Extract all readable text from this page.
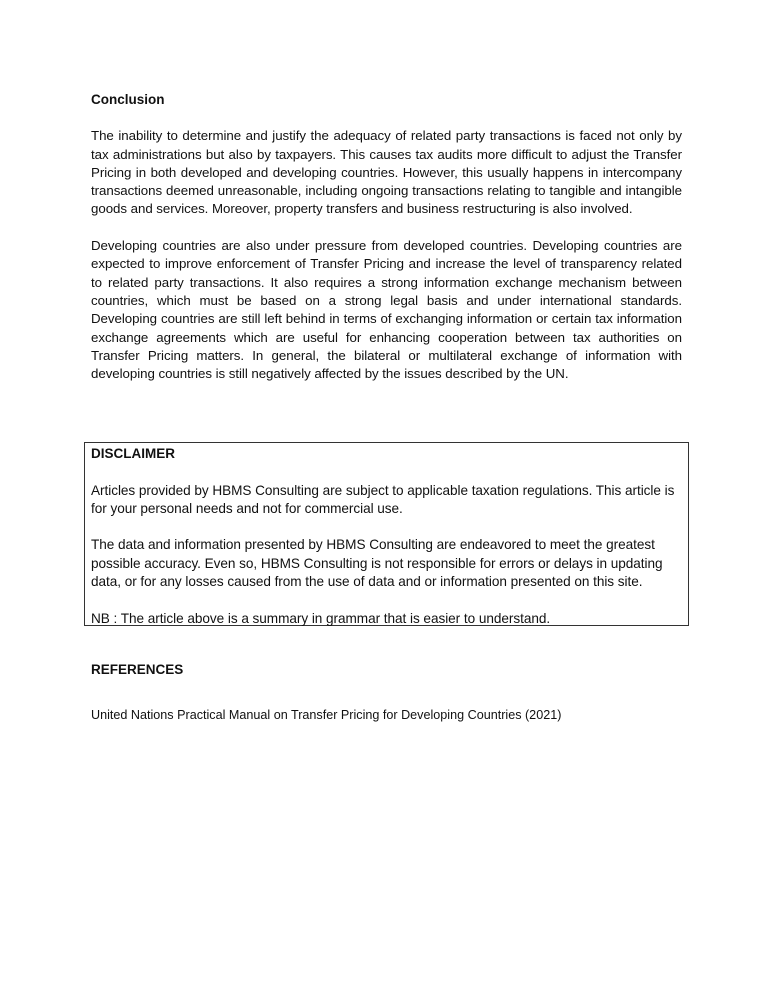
Conclusion

The inability to determine and justify the adequacy of related party transactions is faced not only by tax administrations but also by taxpayers. This causes tax audits more difficult to adjust the Transfer Pricing in both developed and developing countries. However, this usually happens in intercompany transactions deemed unreasonable, including ongoing transactions relating to tangible and intangible goods and services. Moreover, property transfers and business restructuring is also involved.

Developing countries are also under pressure from developed countries. Developing countries are expected to improve enforcement of Transfer Pricing and increase the level of transparency related to related party transactions. It also requires a strong information exchange mechanism between countries, which must be based on a strong legal basis and under international standards. Developing countries are still left behind in terms of exchanging information or certain tax information exchange agreements which are useful for enhancing cooperation between tax authorities on Transfer Pricing matters. In general, the bilateral or multilateral exchange of information with developing countries is still negatively affected by the issues described by the UN.

DISCLAIMER

Articles provided by HBMS Consulting are subject to applicable taxation regulations. This article is for your personal needs and not for commercial use.

The data and information presented by HBMS Consulting are endeavored to meet the greatest possible accuracy. Even so, HBMS Consulting is not responsible for errors or delays in updating data, or for any losses caused from the use of data and or information presented on this site.

NB : The article above is a summary in grammar that is easier to understand.

REFERENCES

United Nations Practical Manual on Transfer Pricing for Developing Countries (2021)
